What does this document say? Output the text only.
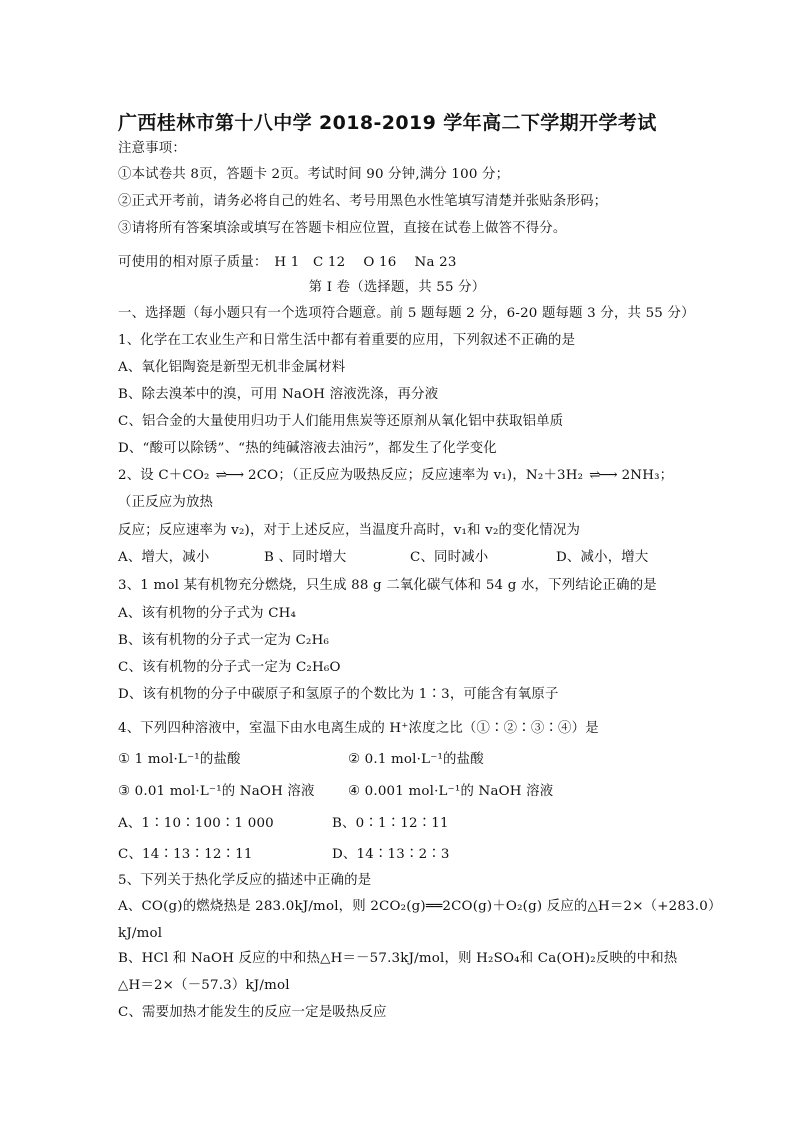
广西桂林市第十八中学 2018-2019 学年高二下学期开学考试
注意事项：
①本试卷共 8页，答题卡 2页。考试时间 90 分钟,满分 100 分；
②正式开考前，请务必将自己的姓名、考号用黑色水性笔填写清楚并张贴条形码；
③请将所有答案填涂或填写在答题卡相应位置，直接在试卷上做答不得分。
可使用的相对原子质量：　H 1　C 12　 O 16　 Na 23
第 I 卷（选择题，共 55 分）
一、选择题（每小题只有一个选项符合题意。前 5 题每题 2 分，6-20 题每题 3 分，共 55 分）
1、化学在工农业生产和日常生活中都有着重要的应用，下列叙述不正确的是
A、氧化铝陶瓷是新型无机非金属材料
B、除去溴苯中的溴，可用 NaOH 溶液洗涤，再分液
C、铝合金的大量使用归功于人们能用焦炭等还原剂从氧化铝中获取铝单质
D、“酸可以除锈”、“热的纯碱溶液去油污”，都发生了化学变化
2、设 C＋CO₂ ⇌⟶ 2CO；（正反应为吸热反应；反应速率为 v₁)，N₂＋3H₂ ⇌⟶ 2NH₃；
（正反应为放热
反应；反应速率为 v₂)，对于上述反应，当温度升高时，v₁和 v₂的变化情况为
A、增大，减小	B 、同时增大	C、同时减小	D、减小，增大
3、1 mol 某有机物充分燃烧，只生成 88 g 二氧化碳气体和 54 g 水，下列结论正确的是
A、该有机物的分子式为 CH₄
B、该有机物的分子式一定为 C₂H₆
C、该有机物的分子式一定为 C₂H₆O
D、该有机物的分子中碳原子和氢原子的个数比为 1∶3，可能含有氧原子
4、下列四种溶液中，室温下由水电离生成的 H⁺浓度之比（①∶②∶③∶④）是
① 1 mol·L⁻¹的盐酸	② 0.1 mol·L⁻¹的盐酸
③ 0.01 mol·L⁻¹的 NaOH 溶液 ④ 0.001 mol·L⁻¹的 NaOH 溶液
A、1∶10∶100∶1 000	B、0∶1∶12∶11
C、14∶13∶12∶11	D、14∶13∶2∶3
5、下列关于热化学反应的描述中正确的是
A、CO(g)的燃烧热是 283.0kJ/mol，则 2CO₂(g)══2CO(g)＋O₂(g) 反应的△H＝2×（+283.0）
kJ/mol
B、HCl 和 NaOH 反应的中和热△H＝－57.3kJ/mol，则 H₂SO₄和 Ca(OH)₂反映的中和热
△H＝2×（－57.3）kJ/mol
C、需要加热才能发生的反应一定是吸热反应
